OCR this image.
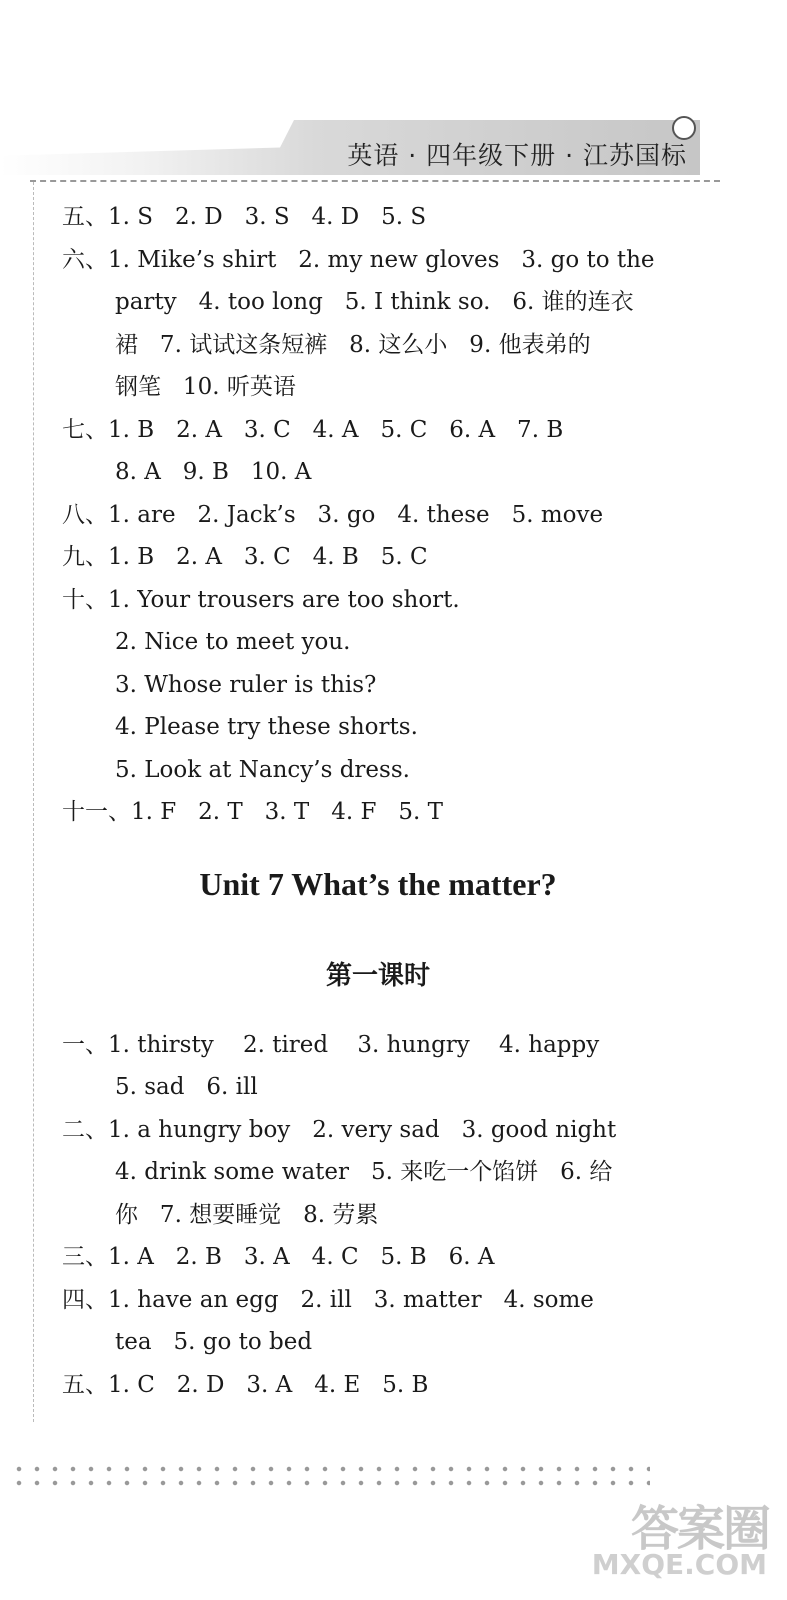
英语 · 四年级下册 · 江苏国标
五、1. S   2. D   3. S   4. D   5. S
六、1. Mike’s shirt   2. my new gloves   3. go to the
party   4. too long   5. I think so.   6. 谁的连衣
裙   7. 试试这条短裤   8. 这么小   9. 他表弟的
钢笔   10. 听英语
七、1. B   2. A   3. C   4. A   5. C   6. A   7. B
8. A   9. B   10. A
八、1. are   2. Jack’s   3. go   4. these   5. move
九、1. B   2. A   3. C   4. B   5. C
十、1. Your trousers are too short.
2. Nice to meet you.
3. Whose ruler is this?
4. Please try these shorts.
5. Look at Nancy’s dress.
十一、1. F   2. T   3. T   4. F   5. T
Unit 7 What’s the matter?
第一课时
一、1. thirsty    2. tired    3. hungry    4. happy
5. sad   6. ill
二、1. a hungry boy   2. very sad   3. good night
4. drink some water   5. 来吃一个馅饼   6. 给
你   7. 想要睡觉   8. 劳累
三、1. A   2. B   3. A   4. C   5. B   6. A
四、1. have an egg   2. ill   3. matter   4. some
tea   5. go to bed
五、1. C   2. D   3. A   4. E   5. B
答案圈
MXQE.COM
